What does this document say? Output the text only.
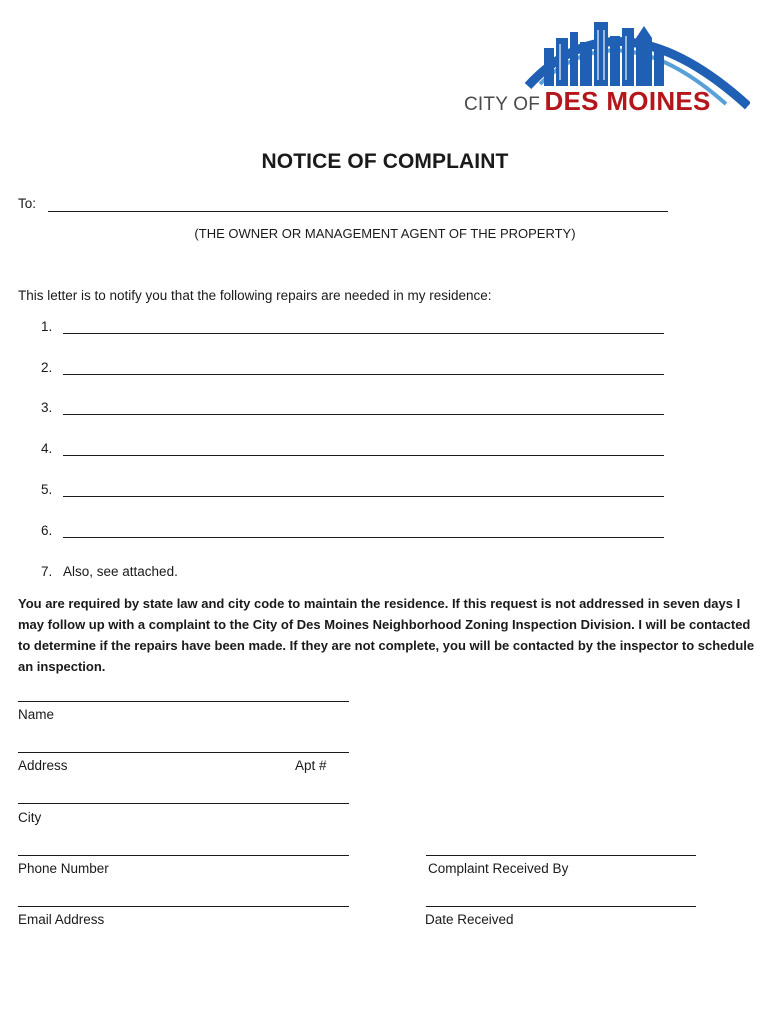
CITY OF DES MOINES
NOTICE OF COMPLAINT
To:
(THE OWNER OR MANAGEMENT AGENT OF THE PROPERTY)
This letter is to notify you that the following repairs are needed in my residence:
1.
2.
3.
4.
5.
6.
7. Also, see attached.
You are required by state law and city code to maintain the residence. If this request is not addressed in seven days I may follow up with a complaint to the City of Des Moines Neighborhood Zoning Inspection Division. I will be contacted to determine if the repairs have been made. If they are not complete, you will be contacted by the inspector to schedule an inspection.
Name
Address	Apt #
City
Phone Number
Email Address
Complaint Received By
Date Received
